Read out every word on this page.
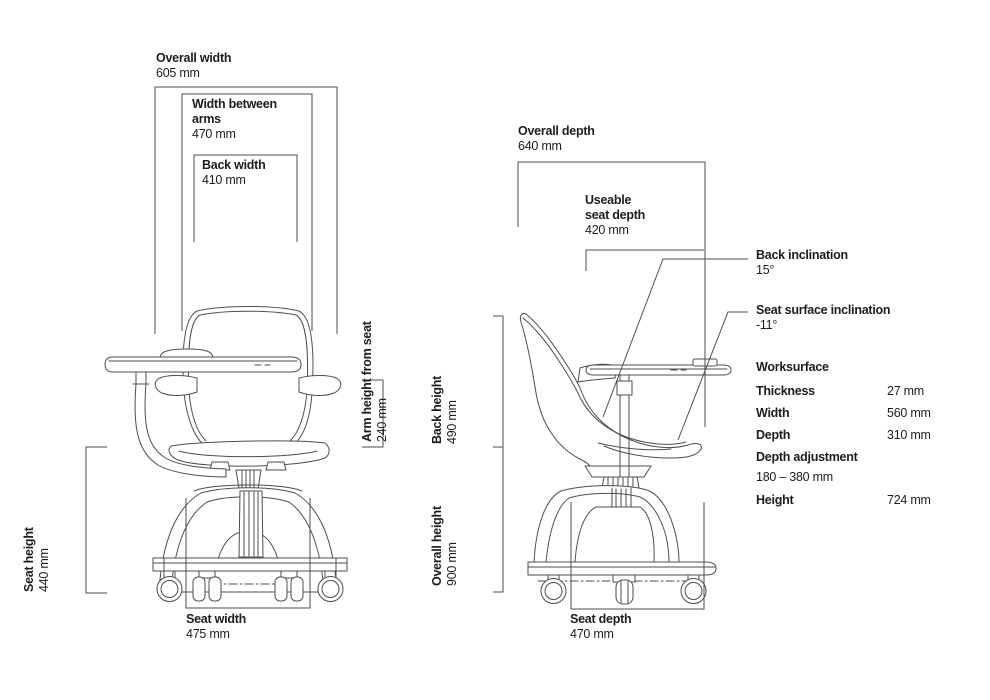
Overall width
605 mm
Width between arms
470 mm
Back width
410 mm
Arm height from seat 240 mm
Seat height 440 mm
Seat width
475 mm
Overall depth
640 mm
Useable seat depth
420 mm
Back height 490 mm
Overall height 900 mm
Seat depth
470 mm
Back inclination
15°
Seat surface inclination
-11°
Worksurface
Thickness	27 mm
Width	560 mm
Depth	310 mm
Depth adjustment
180 – 380 mm
Height	724 mm
